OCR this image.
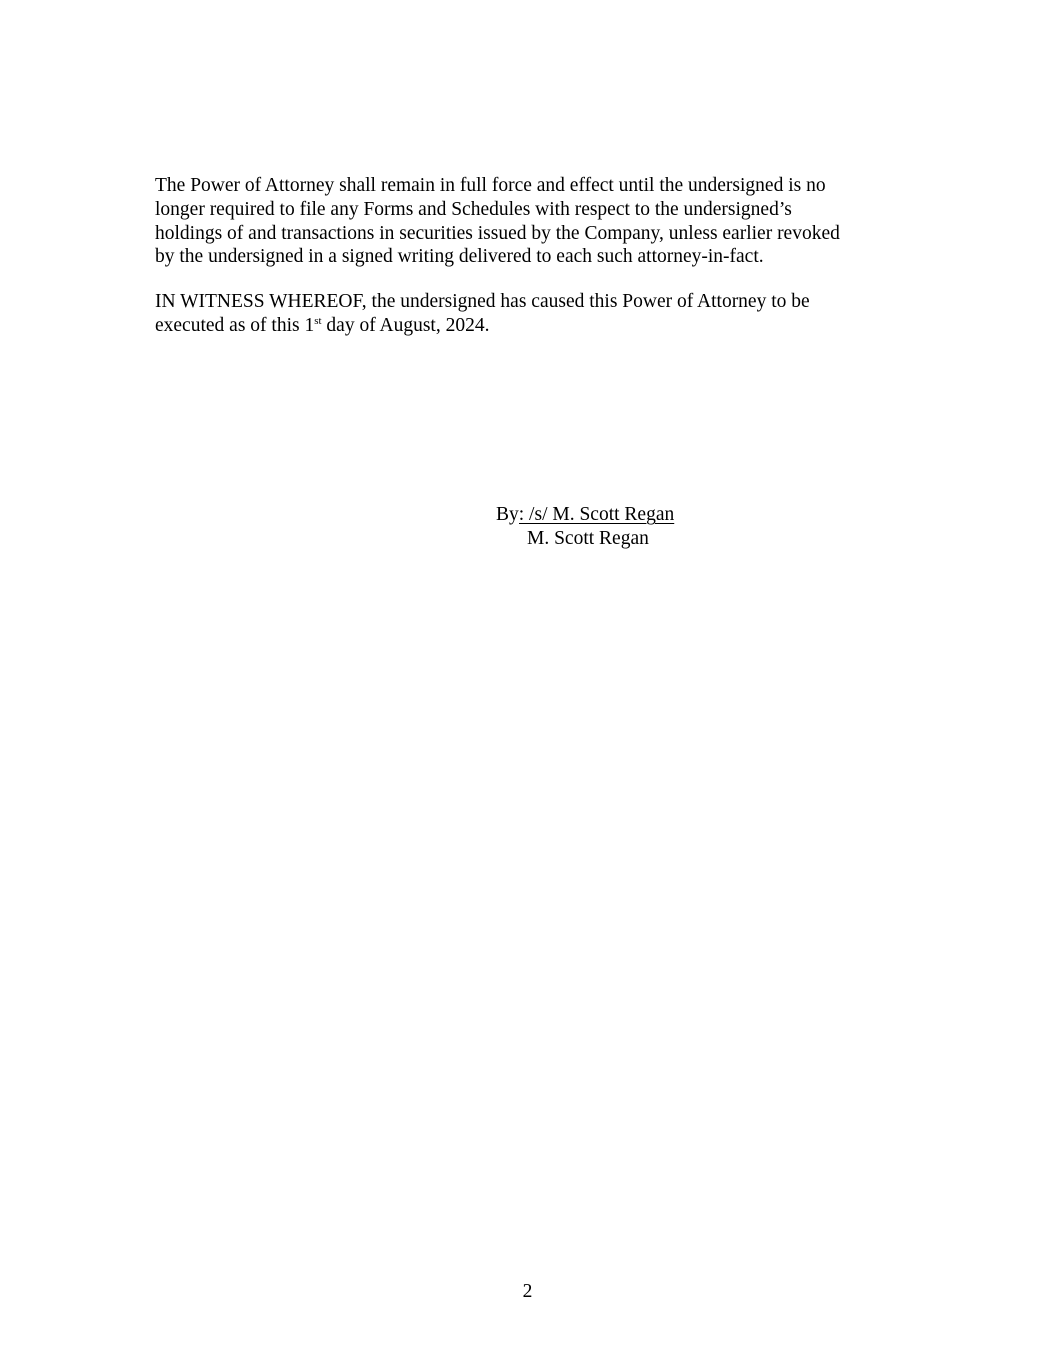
The Power of Attorney shall remain in full force and effect until the undersigned is no
longer required to file any Forms and Schedules with respect to the undersigned’s
holdings of and transactions in securities issued by the Company, unless earlier revoked
by the undersigned in a signed writing delivered to each such attorney-in-fact.

IN WITNESS WHEREOF, the undersigned has caused this Power of Attorney to be
executed as of this 1st day of August, 2024.

By : /s/ M. Scott Regan
M. Scott Regan
2
